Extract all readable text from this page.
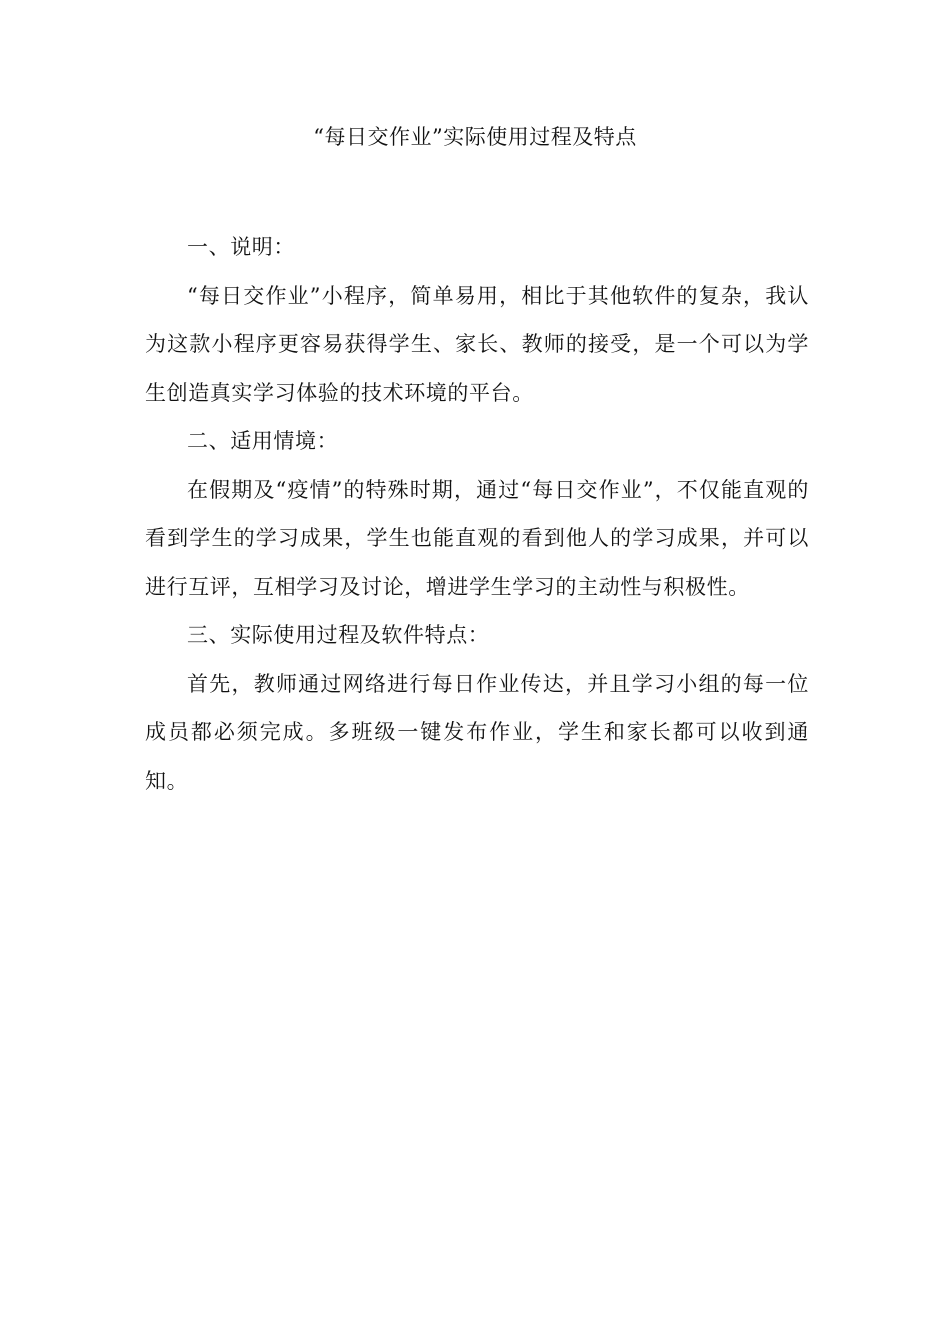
“每日交作业”实际使用过程及特点
一、说明：

“每日交作业”小程序，简单易用，相比于其他软件的复杂，我认为这款小程序更容易获得学生、家长、教师的接受，是一个可以为学生创造真实学习体验的技术环境的平台。

二、适用情境：

在假期及“疫情”的特殊时期，通过“每日交作业”，不仅能直观的看到学生的学习成果，学生也能直观的看到他人的学习成果，并可以进行互评，互相学习及讨论，增进学生学习的主动性与积极性。

三、实际使用过程及软件特点：

首先，教师通过网络进行每日作业传达，并且学习小组的每一位成员都必须完成。多班级一键发布作业，学生和家长都可以收到通知。
